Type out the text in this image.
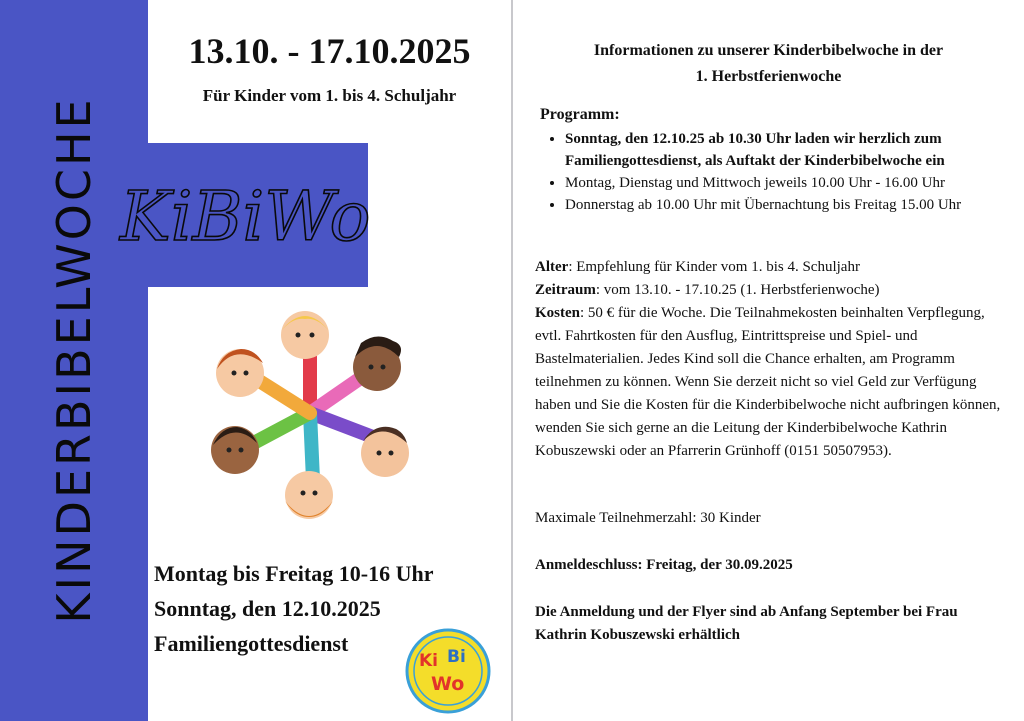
KINDERBIBELWOCHE KiBiWo
13.10. - 17.10.2025
Für Kinder vom 1. bis 4. Schuljahr
Montag bis Freitag 10-16 Uhr
Sonntag, den 12.10.2025
Familiengottesdienst
Ki Bi
Wo
Informationen zu unserer Kinderbibelwoche in der
1. Herbstferienwoche
Programm:
• Sonntag, den 12.10.25 ab 10.30 Uhr laden wir herzlich zum Familiengottesdienst, als Auftakt der Kinderbibelwoche ein
• Montag, Dienstag und Mittwoch jeweils 10.00 Uhr - 16.00 Uhr
• Donnerstag ab 10.00 Uhr mit Übernachtung bis Freitag 15.00 Uhr
Alter: Empfehlung für Kinder vom 1. bis 4. Schuljahr
Zeitraum: vom 13.10. - 17.10.25 (1. Herbstferienwoche)
Kosten: 50 € für die Woche. Die Teilnahmekosten beinhalten Verpflegung, evtl. Fahrtkosten für den Ausflug, Eintrittspreise und Spiel- und Bastelmaterialien. Jedes Kind soll die Chance erhalten, am Programm teilnehmen zu können. Wenn Sie derzeit nicht so viel Geld zur Verfügung haben und Sie die Kosten für die Kinderbibelwoche nicht aufbringen können, wenden Sie sich gerne an die Leitung der Kinderbibelwoche Kathrin Kobuszewski oder an Pfarrerin Grünhoff (0151 50507953).
Maximale Teilnehmerzahl: 30 Kinder
Anmeldeschluss: Freitag, der 30.09.2025
Die Anmeldung und der Flyer sind ab Anfang September bei Frau Kathrin Kobuszewski erhältlich
